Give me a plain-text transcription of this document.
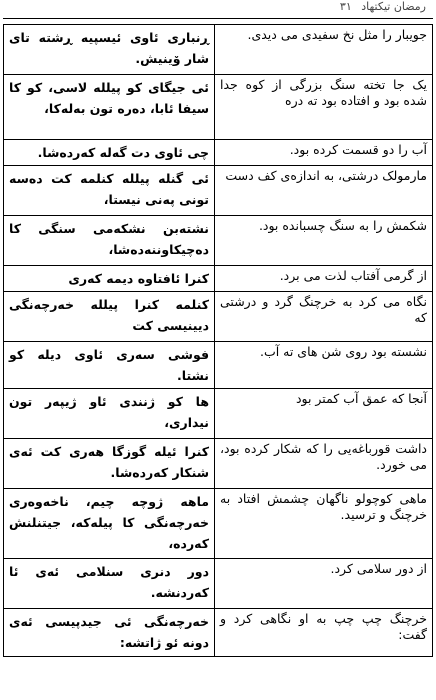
رمضان تیکتهاد ٣١
ڕنباری ئاوی ئیسپیه‌ ڕشته تای شار ۆینیش.	جویبار را مثل نخ سفیدی می دیدی.
ئی جیگای کو پیلله لاسی، کو کا سیفا ئابا، ده‌ره تون بەلەکا،	یک جا تخته سنگ بزرگی از کوه جدا شده بود و افتاده بود ته دره
چی ئاوی دت گەله کەردەشا.	آب را دو قسمت کرده بود.
ئی گنله پیلله کنلمه کت ده‌سه تونی پەنی نیستا،	مارمولک درشتی، به اندازه‌ی کف دست
نشتەبن نشکەمی سنگی کا دەچیکاوننەدەشا،	شکمش را به سنگ چسبانده بود.
کنرا ئافتاوه دیمه کەری	از گرمی آفتاب لذت می برد.
کنلمه کنرا پیلله خەرچەنگی دیینیسی کت	نگاه می کرد به خرچنگ گرد و درشتی که
فوشی سەری ئاوی دیله کو نشتا.	نشسته بود روی شن های ته آب.
ها کو ژنندی ئاو ژیپەر تون نیداری،	آنجا که عمق آب کمتر بود
کنرا ئیله گوزگا هەری کت ئەی شنکار کەردەشا.	داشت قورباغه‌یی را که شکار کرده بود، می خورد.
ماهه ژوچه چیم، ناخەوەری خەرچەنگی کا پیلەکه، جیتنلنش کەرده،	ماهی کوچولو ناگهان چشمش افتاد به خرچنگ و ترسید.
دور دنری سنلامی ئەی ئا کەردنشه.	از دور سلامی کرد.
خەرچەنگی ئی جیدپیسی ئەی دونه ئو ژاتشه:	خرچنگ چپ چپ به او نگاهی کرد و گفت:
